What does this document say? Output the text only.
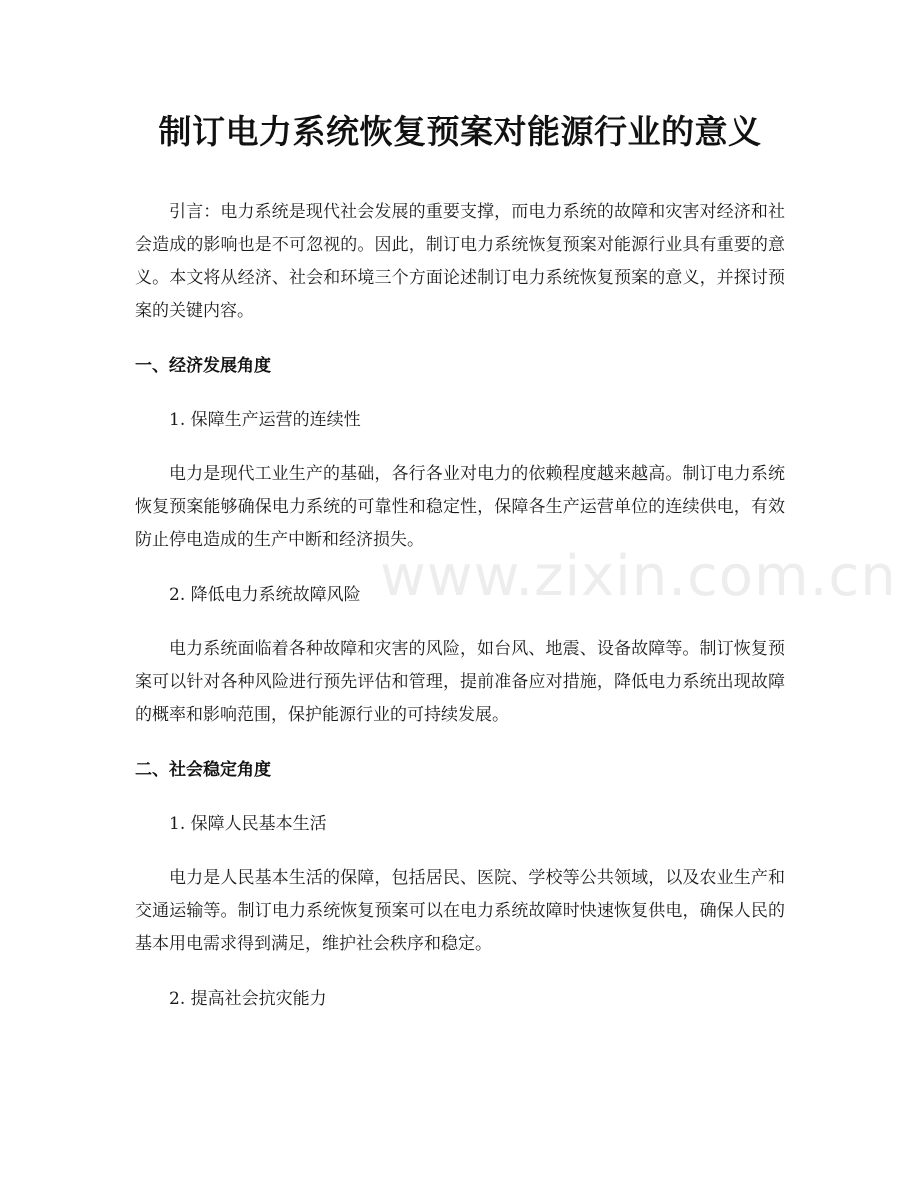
制订电力系统恢复预案对能源行业的意义

引言：电力系统是现代社会发展的重要支撑，而电力系统的故障和灾害对经济和社会造成的影响也是不可忽视的。因此，制订电力系统恢复预案对能源行业具有重要的意义。本文将从经济、社会和环境三个方面论述制订电力系统恢复预案的意义，并探讨预案的关键内容。

一、经济发展角度

1. 保障生产运营的连续性

电力是现代工业生产的基础，各行各业对电力的依赖程度越来越高。制订电力系统恢复预案能够确保电力系统的可靠性和稳定性，保障各生产运营单位的连续供电，有效防止停电造成的生产中断和经济损失。

2. 降低电力系统故障风险

电力系统面临着各种故障和灾害的风险，如台风、地震、设备故障等。制订恢复预案可以针对各种风险进行预先评估和管理，提前准备应对措施，降低电力系统出现故障的概率和影响范围，保护能源行业的可持续发展。

二、社会稳定角度

1. 保障人民基本生活

电力是人民基本生活的保障，包括居民、医院、学校等公共领域，以及农业生产和交通运输等。制订电力系统恢复预案可以在电力系统故障时快速恢复供电，确保人民的基本用电需求得到满足，维护社会秩序和稳定。

2. 提高社会抗灾能力

www.zixin.com.cn
